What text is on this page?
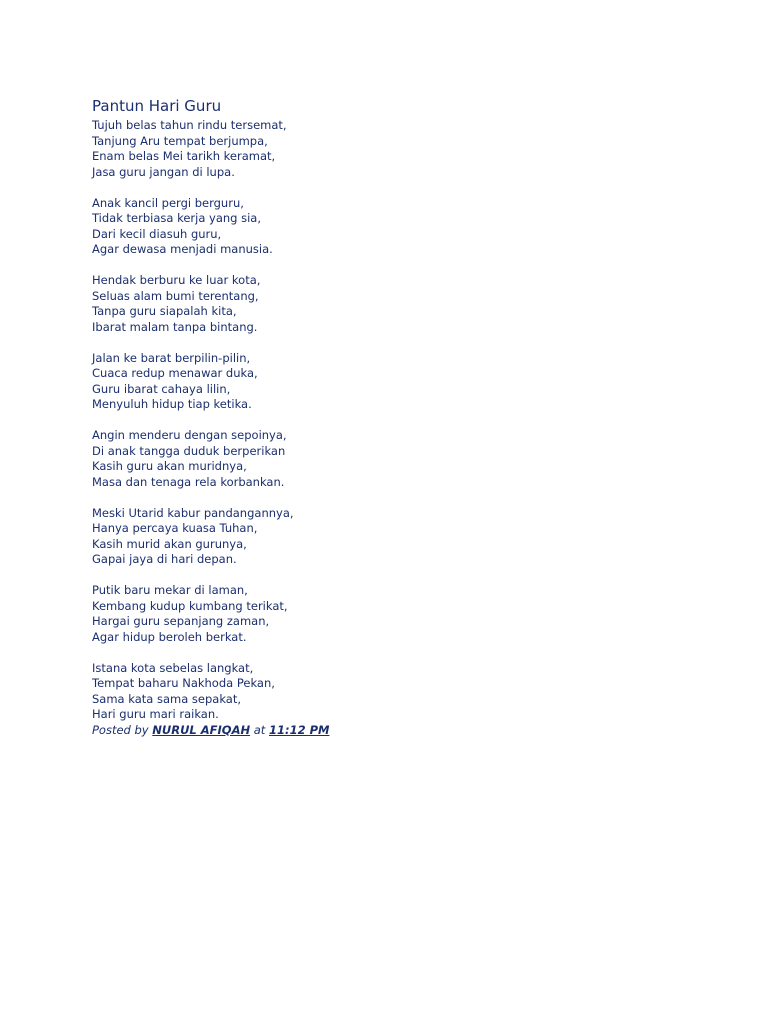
Pantun Hari Guru
Tujuh belas tahun rindu tersemat,
Tanjung Aru tempat berjumpa,
Enam belas Mei tarikh keramat,
Jasa guru jangan di lupa.
Anak kancil pergi berguru,
Tidak terbiasa kerja yang sia,
Dari kecil diasuh guru,
Agar dewasa menjadi manusia.
Hendak berburu ke luar kota,
Seluas alam bumi terentang,
Tanpa guru siapalah kita,
Ibarat malam tanpa bintang.
Jalan ke barat berpilin-pilin,
Cuaca redup menawar duka,
Guru ibarat cahaya lilin,
Menyuluh hidup tiap ketika.
Angin menderu dengan sepoinya,
Di anak tangga duduk berperikan
Kasih guru akan muridnya,
Masa dan tenaga rela korbankan.
Meski Utarid kabur pandangannya,
Hanya percaya kuasa Tuhan,
Kasih murid akan gurunya,
Gapai jaya di hari depan.
Putik baru mekar di laman,
Kembang kudup kumbang terikat,
Hargai guru sepanjang zaman,
Agar hidup beroleh berkat.
Istana kota sebelas langkat,
Tempat baharu Nakhoda Pekan,
Sama kata sama sepakat,
Hari guru mari raikan.
Posted by NURUL AFIQAH at 11:12 PM
